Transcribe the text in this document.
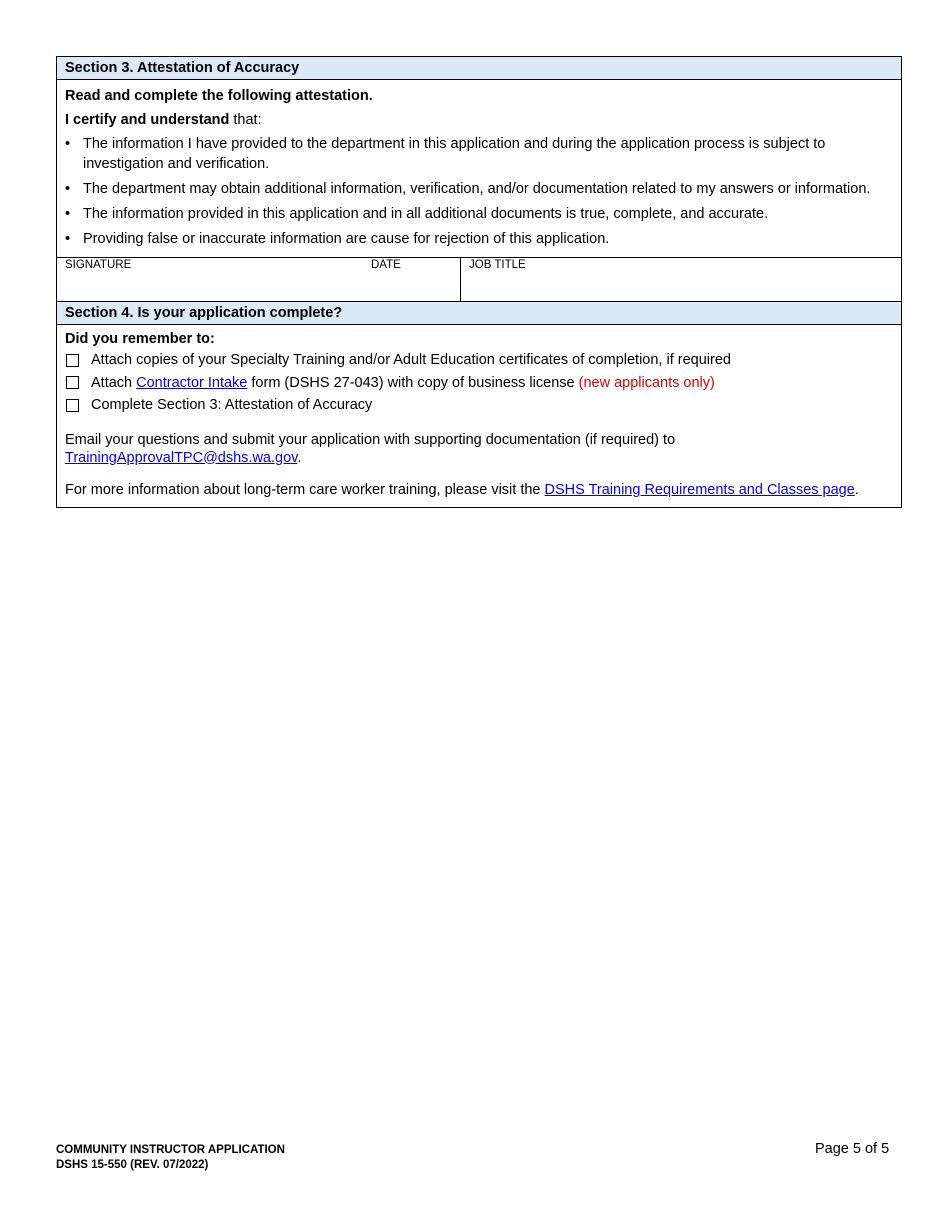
Section 3. Attestation of Accuracy
Read and complete the following attestation.
I certify and understand that:
• The information I have provided to the department in this application and during the application process is subject to investigation and verification.
• The department may obtain additional information, verification, and/or documentation related to my answers or information.
• The information provided in this application and in all additional documents is true, complete, and accurate.
• Providing false or inaccurate information are cause for rejection of this application.
SIGNATURE	DATE	JOB TITLE
Section 4. Is your application complete?
Did you remember to:
Attach copies of your Specialty Training and/or Adult Education certificates of completion, if required
Attach Contractor Intake form (DSHS 27-043) with copy of business license (new applicants only)
Complete Section 3: Attestation of Accuracy
Email your questions and submit your application with supporting documentation (if required) to TrainingApprovalTPC@dshs.wa.gov.
For more information about long-term care worker training, please visit the DSHS Training Requirements and Classes page.
COMMUNITY INSTRUCTOR APPLICATION
DSHS 15-550 (REV. 07/2022)
Page 5 of 5
